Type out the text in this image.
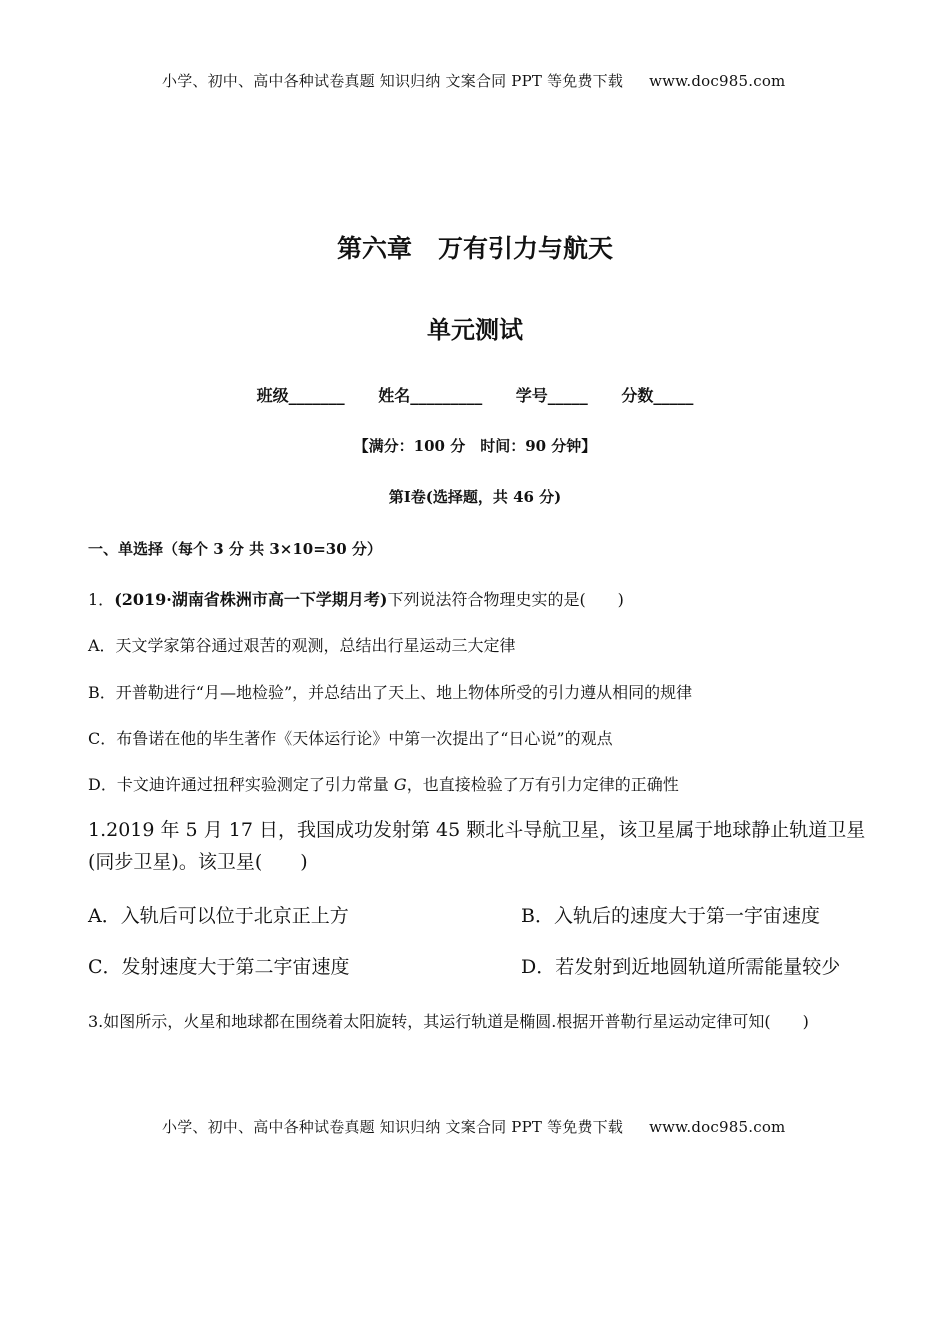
小学、初中、高中各种试卷真题 知识归纳 文案合同 PPT 等免费下载 www.doc985.com
第六章 万有引力与航天
单元测试
班级_______ 姓名_________ 学号_____ 分数_____
【满分：100 分　时间：90 分钟】
第Ⅰ卷(选择题，共 46 分)
一、单选择（每个 3 分 共 3×10=30 分）
1．(2019·湖南省株洲市高一下学期月考)下列说法符合物理史实的是(　　)
A．天文学家第谷通过艰苦的观测，总结出行星运动三大定律
B．开普勒进行“月—地检验”，并总结出了天上、地上物体所受的引力遵从相同的规律
C．布鲁诺在他的毕生著作《天体运行论》中第一次提出了“日心说”的观点
D．卡文迪许通过扭秤实验测定了引力常量 G，也直接检验了万有引力定律的正确性
1.2019 年 5 月 17 日，我国成功发射第 45 颗北斗导航卫星，该卫星属于地球静止轨道卫星(同步卫星)。该卫星(　　)
A．入轨后可以位于北京正上方	B．入轨后的速度大于第一宇宙速度
C．发射速度大于第二宇宙速度	D．若发射到近地圆轨道所需能量较少
3.如图所示，火星和地球都在围绕着太阳旋转，其运行轨道是椭圆.根据开普勒行星运动定律可知(　　)
小学、初中、高中各种试卷真题 知识归纳 文案合同 PPT 等免费下载 www.doc985.com
